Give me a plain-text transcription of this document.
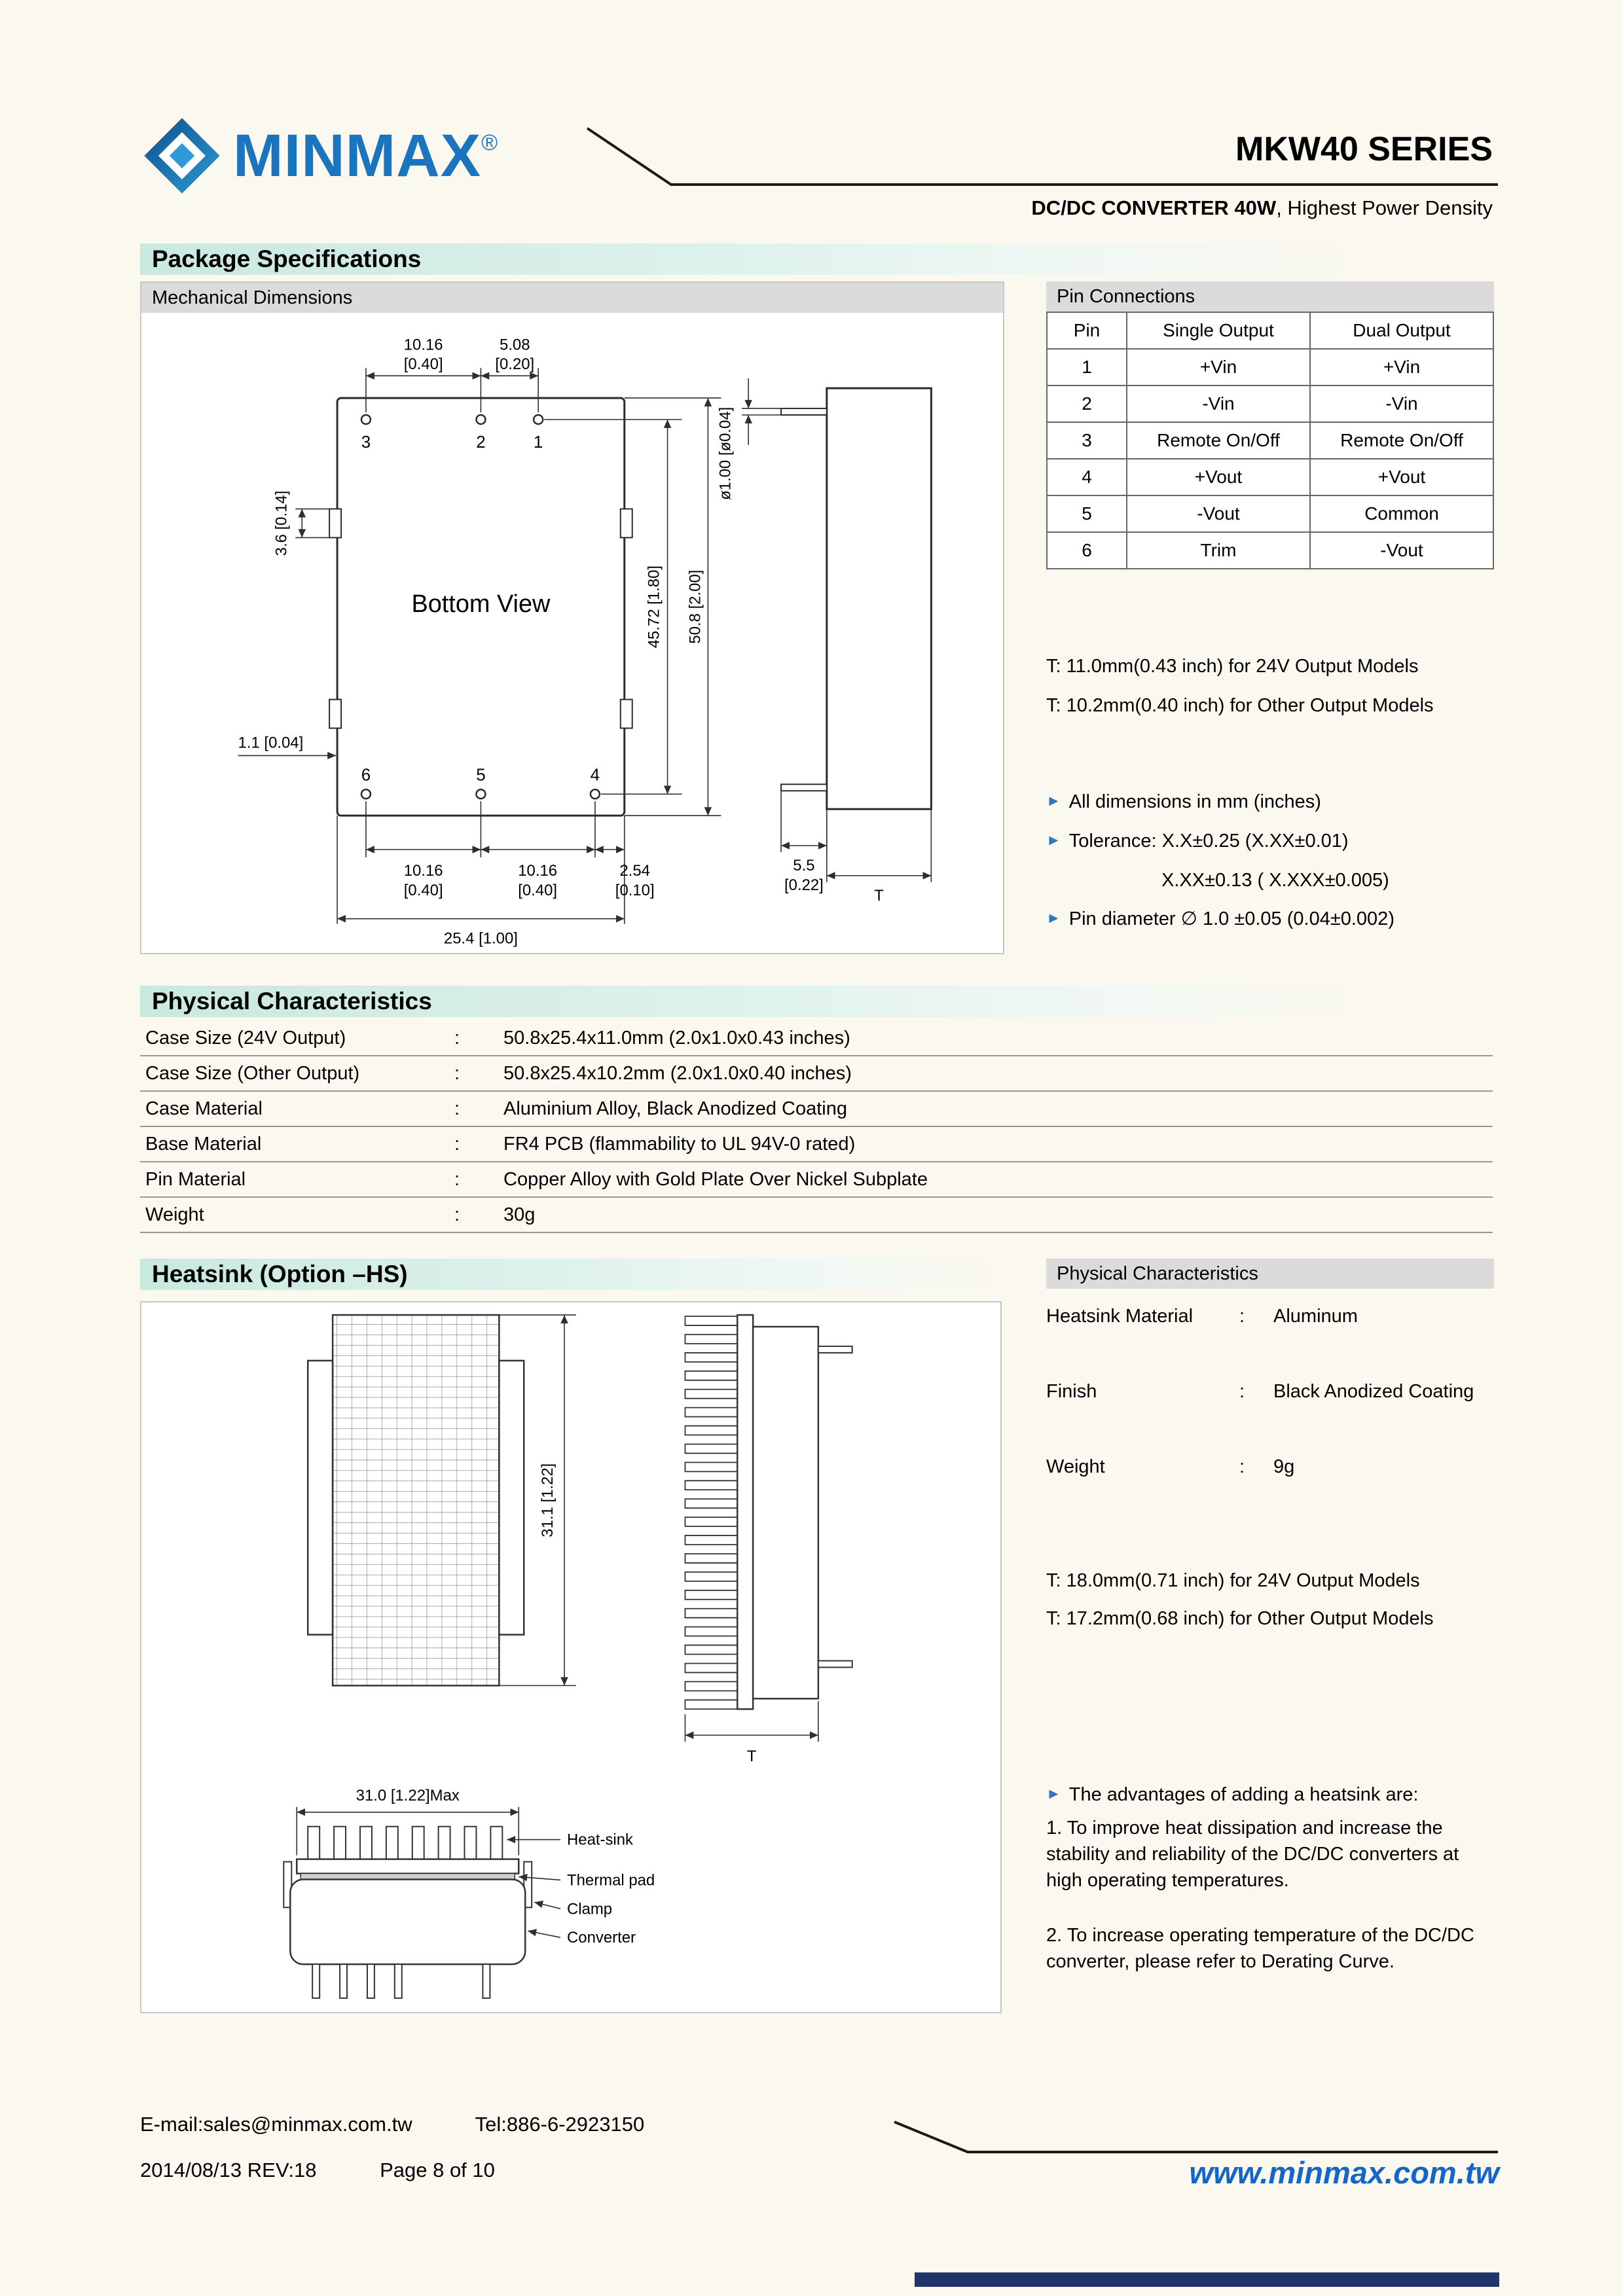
MINMAX®	MKW40 SERIES
DC/DC CONVERTER 40W, Highest Power Density
Package Specifications
Mechanical Dimensions
3	2	1
6	5	4
Bottom View
10.16
[0.40]
5.08
[0.20]
45.72 [1.80] 50.8 [2.00]
3.6 [0.14]
1.1 [0.04]
10.16
[0.40]
10.16
[0.40]
2.54
[0.10]
25.4 [1.00]
ø1.00 [ø0.04]
5.5
[0.22]
T
Pin Connections
Pin	Single Output	Dual Output
1	+Vin	+Vin
2	-Vin	-Vin
3	Remote On/Off	Remote On/Off
4	+Vout	+Vout
5	-Vout	Common
6	Trim	-Vout
T: 11.0mm(0.43 inch) for 24V Output Models
T: 10.2mm(0.40 inch) for Other Output Models
► All dimensions in mm (inches)
► Tolerance: X.X±0.25 (X.XX±0.01)
X.XX±0.13 ( X.XXX±0.005)
► Pin diameter ∅ 1.0 ±0.05 (0.04±0.002)
Physical Characteristics
Case Size (24V Output)	:	50.8x25.4x11.0mm (2.0x1.0x0.43 inches)
Case Size (Other Output)	:	50.8x25.4x10.2mm (2.0x1.0x0.40 inches)
Case Material	:	Aluminium Alloy, Black Anodized Coating
Base Material	:	FR4 PCB (flammability to UL 94V-0 rated)
Pin Material	:	Copper Alloy with Gold Plate Over Nickel Subplate
Weight	:	30g
Heatsink (Option –HS)
31.1 [1.22]
T
31.0 [1.22]Max
Heat-sink
Thermal pad
Clamp
Converter
Physical Characteristics
Heatsink Material	:	Aluminum
Finish	:	Black Anodized Coating
Weight	:	9g
T: 18.0mm(0.71 inch) for 24V Output Models
T: 17.2mm(0.68 inch) for Other Output Models
► The advantages of adding a heatsink are:
1. To improve heat dissipation and increase the stability and reliability of the DC/DC converters at high operating temperatures.
2. To increase operating temperature of the DC/DC converter, please refer to Derating Curve.
E-mail:sales@minmax.com.tw	Tel:886-6-2923150
2014/08/13 REV:18	Page 8 of 10	www.minmax.com.tw
